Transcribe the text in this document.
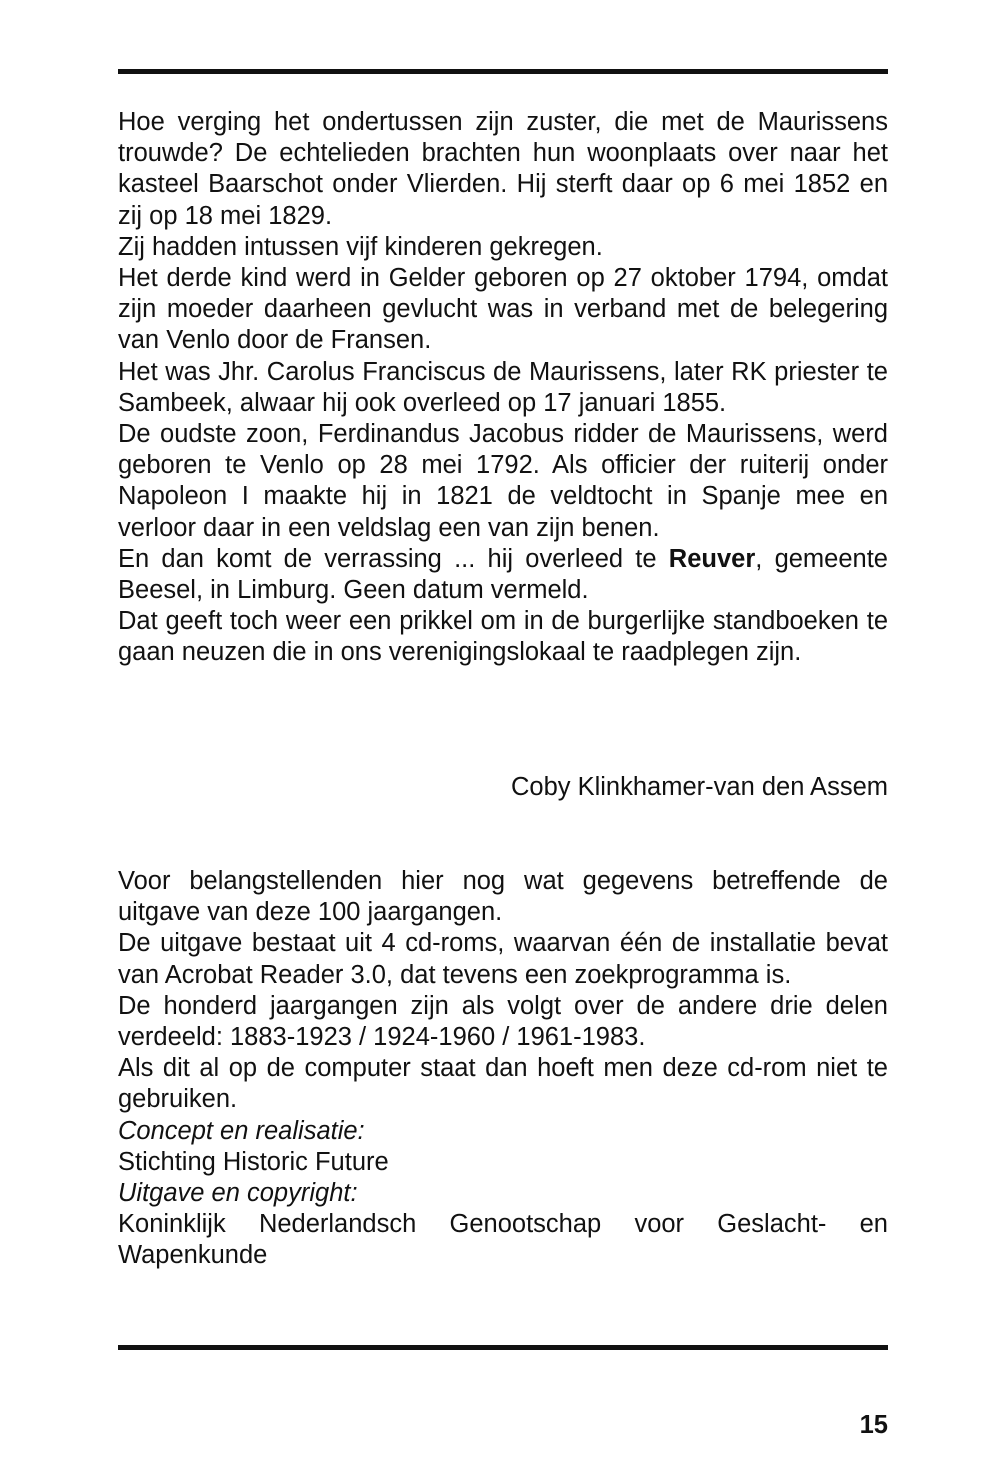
Hoe verging het ondertussen zijn zuster, die met de Maurissens trouwde? De echtelieden brachten hun woonplaats over naar het kasteel Baarschot onder Vlierden. Hij sterft daar op 6 mei 1852 en zij op 18 mei 1829.

Zij hadden intussen vijf kinderen gekregen.

Het derde kind werd in Gelder geboren op 27 oktober 1794, omdat zijn moeder daarheen gevlucht was in verband met de belegering van Venlo door de Fransen.

Het was Jhr. Carolus Franciscus de Maurissens, later RK priester te Sambeek, alwaar hij ook overleed op 17 januari 1855.

De oudste zoon, Ferdinandus Jacobus ridder de Maurissens, werd geboren te Venlo op 28 mei 1792. Als officier der ruiterij onder Napoleon I maakte hij in 1821 de veldtocht in Spanje mee en verloor daar in een veldslag een van zijn benen.

En dan komt de verrassing ... hij overleed te Reuver, gemeente Beesel, in Limburg. Geen datum vermeld.

Dat geeft toch weer een prikkel om in de burgerlijke standboeken te gaan neuzen die in ons verenigingslokaal te raadplegen zijn.

Coby Klinkhamer-van den Assem

Voor belangstellenden hier nog wat gegevens betreffende de uitgave van deze 100 jaargangen.

De uitgave bestaat uit 4 cd-roms, waarvan één de installatie bevat van Acrobat Reader 3.0, dat tevens een zoekprogramma is.

De honderd jaargangen zijn als volgt over de andere drie delen verdeeld: 1883-1923 / 1924-1960 / 1961-1983.

Als dit al op de computer staat dan hoeft men deze cd-rom niet te gebruiken.

Concept en realisatie:

Stichting Historic Future

Uitgave en copyright:

Koninklijk Nederlandsch Genootschap voor Geslacht- en Wapenkunde

15
